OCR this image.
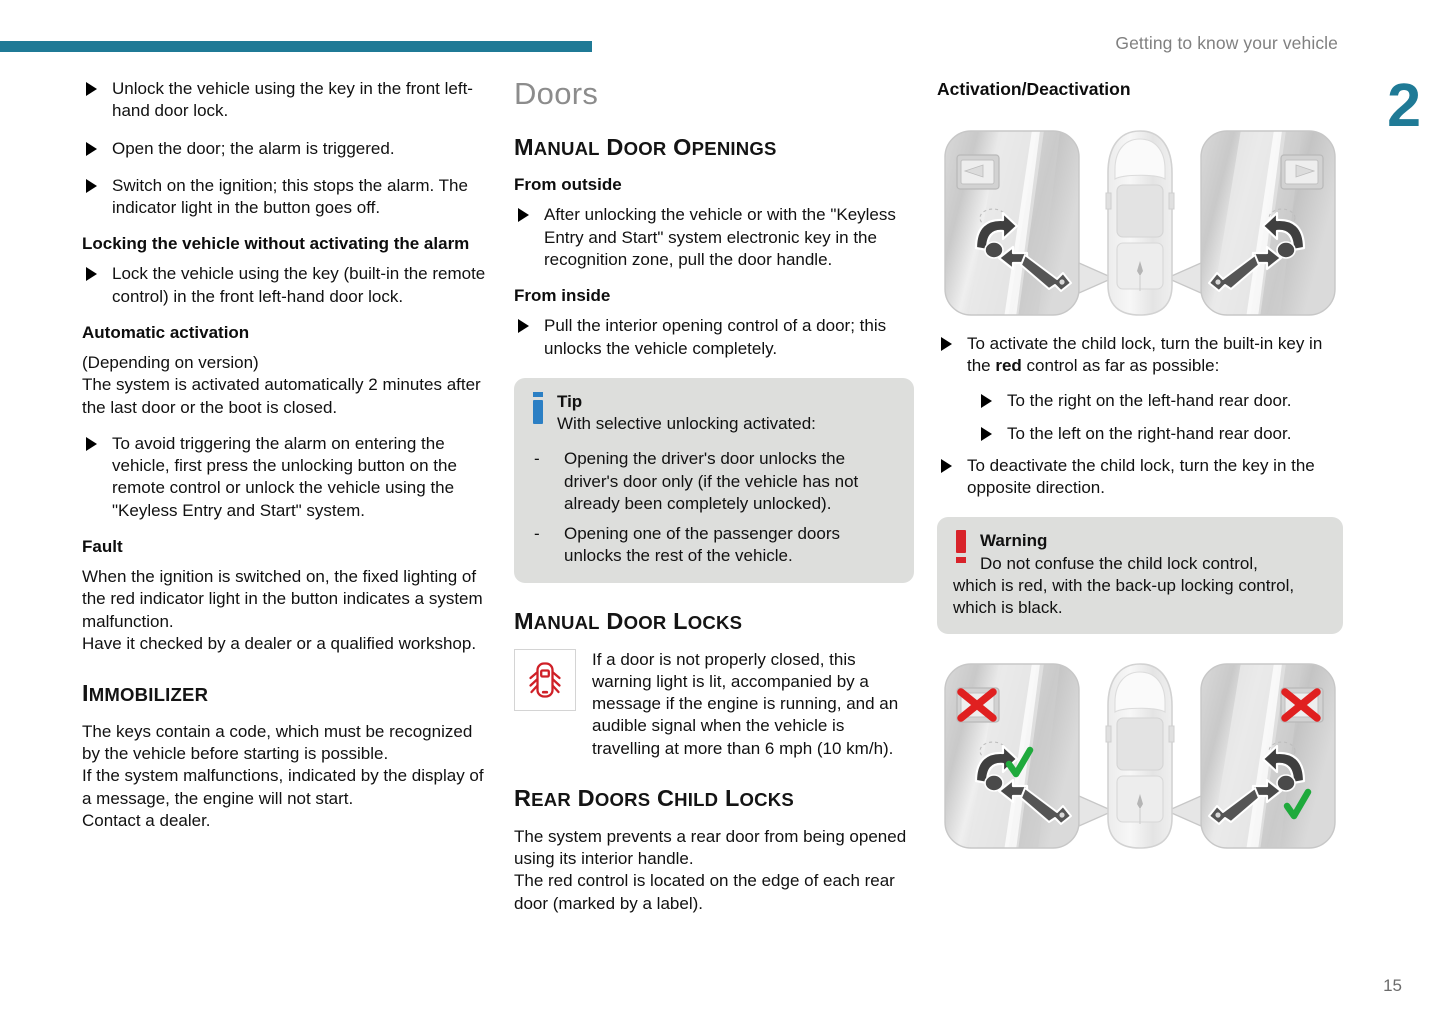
Getting to know your vehicle
2
15
Unlock the vehicle using the key in the front left-hand door lock.
Open the door; the alarm is triggered.
Switch on the ignition; this stops the alarm. The indicator light in the button goes off.
Locking the vehicle without activating the alarm
Lock the vehicle using the key (built-in the remote control) in the front left-hand door lock.
Automatic activation

(Depending on version)

The system is activated automatically 2 minutes after the last door or the boot is closed.

To avoid triggering the alarm on entering the vehicle, first press the unlocking button on the remote control or unlock the vehicle using the "Keyless Entry and Start" system.
Fault

When the ignition is switched on, the fixed lighting of the red indicator light in the button indicates a system malfunction.

Have it checked by a dealer or a qualified workshop.

IMMOBILIZER

The keys contain a code, which must be recognized by the vehicle before starting is possible.

If the system malfunctions, indicated by the display of a message, the engine will not start.

Contact a dealer.

Doors
MANUAL DOOR OPENINGS
From outside
After unlocking the vehicle or with the "Keyless Entry and Start" system electronic key in the recognition zone, pull the door handle.
From inside
Pull the interior opening control of a door; this unlocks the vehicle completely.
Tip
With selective unlocking activated:
- Opening the driver's door unlocks the driver's door only (if the vehicle has not already been completely unlocked).
- Opening one of the passenger doors unlocks the rest of the vehicle.
MANUAL DOOR LOCKS
If a door is not properly closed, this warning light is lit, accompanied by a message if the engine is running, and an audible signal when the vehicle is travelling at more than 6 mph (10 km/h).
REAR DOORS CHILD LOCKS

The system prevents a rear door from being opened using its interior handle.

The red control is located on the edge of each rear door (marked by a label).

Activation/Deactivation
To activate the child lock, turn the built-in key in the red control as far as possible:
To the right on the left-hand rear door.
To the left on the right-hand rear door.
To deactivate the child lock, turn the key in the opposite direction.
Warning
Do not confuse the child lock control,
which is red, with the back-up locking control, which is black.
